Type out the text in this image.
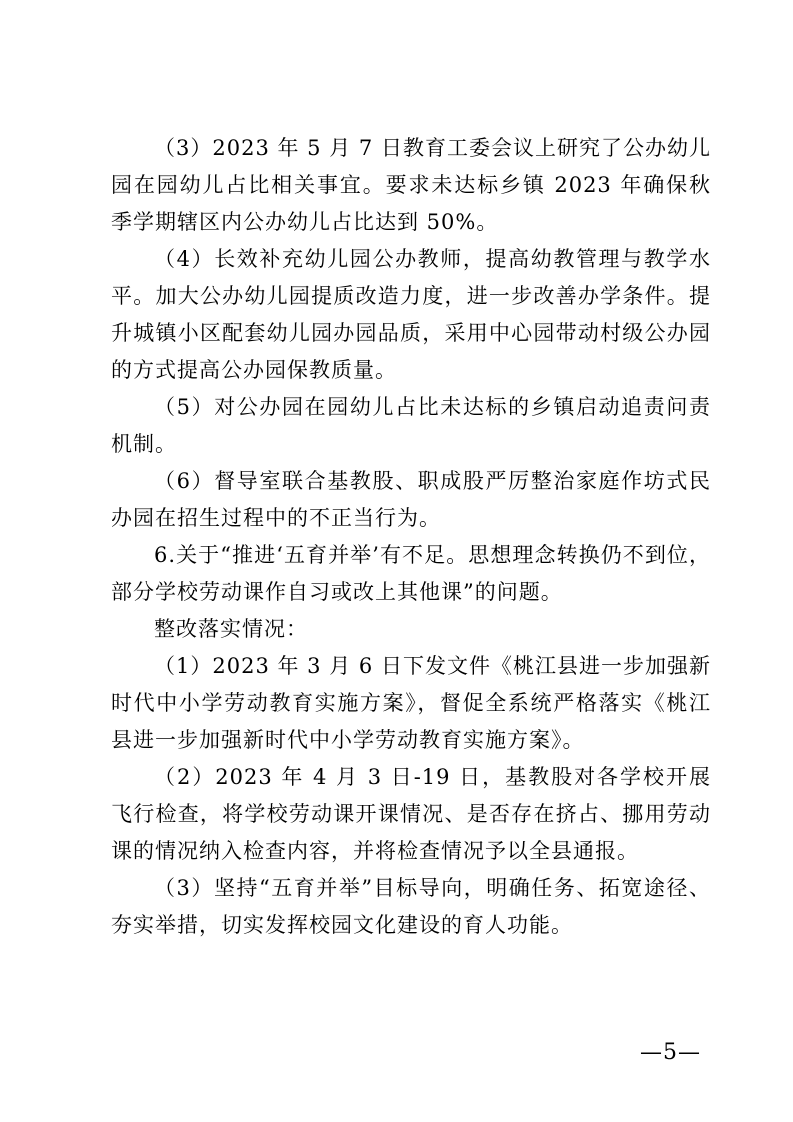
（3）2023 年 5 月 7 日教育工委会议上研究了公办幼儿园在园幼儿占比相关事宜。要求未达标乡镇 2023 年确保秋季学期辖区内公办幼儿占比达到 50%。

（4）长效补充幼儿园公办教师，提高幼教管理与教学水平。加大公办幼儿园提质改造力度，进一步改善办学条件。提升城镇小区配套幼儿园办园品质，采用中心园带动村级公办园的方式提高公办园保教质量。

（5）对公办园在园幼儿占比未达标的乡镇启动追责问责机制。

（6）督导室联合基教股、职成股严厉整治家庭作坊式民办园在招生过程中的不正当行为。

6.关于“推进‘五育并举’有不足。思想理念转换仍不到位，部分学校劳动课作自习或改上其他课”的问题。

整改落实情况：

（1）2023 年 3 月 6 日下发文件《桃江县进一步加强新时代中小学劳动教育实施方案》，督促全系统严格落实《桃江县进一步加强新时代中小学劳动教育实施方案》。

（2）2023 年 4 月 3 日-19 日，基教股对各学校开展飞行检查，将学校劳动课开课情况、是否存在挤占、挪用劳动课的情况纳入检查内容，并将检查情况予以全县通报。

（3）坚持“五育并举”目标导向，明确任务、拓宽途径、夯实举措，切实发挥校园文化建设的育人功能。

—5—
